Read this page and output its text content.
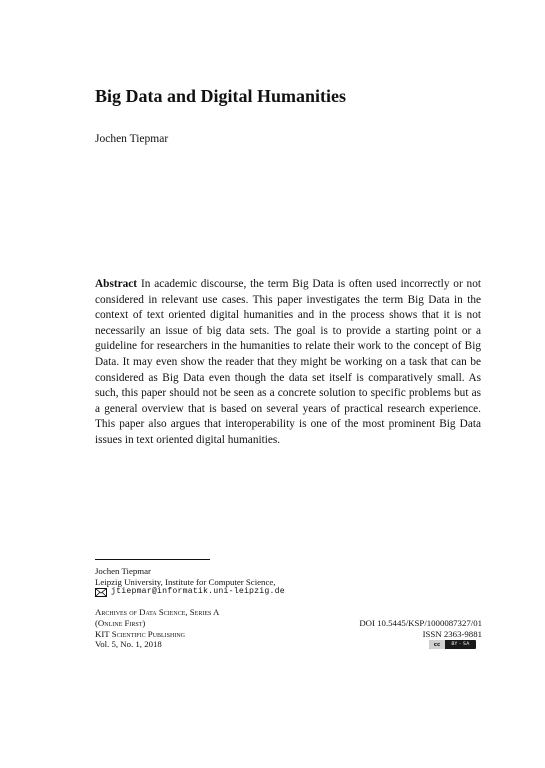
Big Data and Digital Humanities

Jochen Tiepmar

Abstract In academic discourse, the term Big Data is often used incorrectly or not considered in relevant use cases. This paper investigates the term Big Data in the context of text oriented digital humanities and in the process shows that it is not necessarily an issue of big data sets. The goal is to provide a starting point or a guideline for researchers in the humanities to relate their work to the concept of Big Data. It may even show the reader that they might be working on a task that can be considered as Big Data even though the data set itself is comparatively small. As such, this paper should not be seen as a concrete solution to specific problems but as a general overview that is based on several years of practical research experience. This paper also argues that interoperability is one of the most prominent Big Data issues in text oriented digital humanities.

Jochen Tiepmar
Leipzig University, Institute for Computer Science,
jtiepmar@informatik.uni-leipzig.de
Archives of Data Science, Series A
(Online First)
KIT Scientific Publishing
Vol. 5, No. 1, 2018
DOI 10.5445/KSP/1000087327/01
ISSN 2363-9881
cc	BY - SA
